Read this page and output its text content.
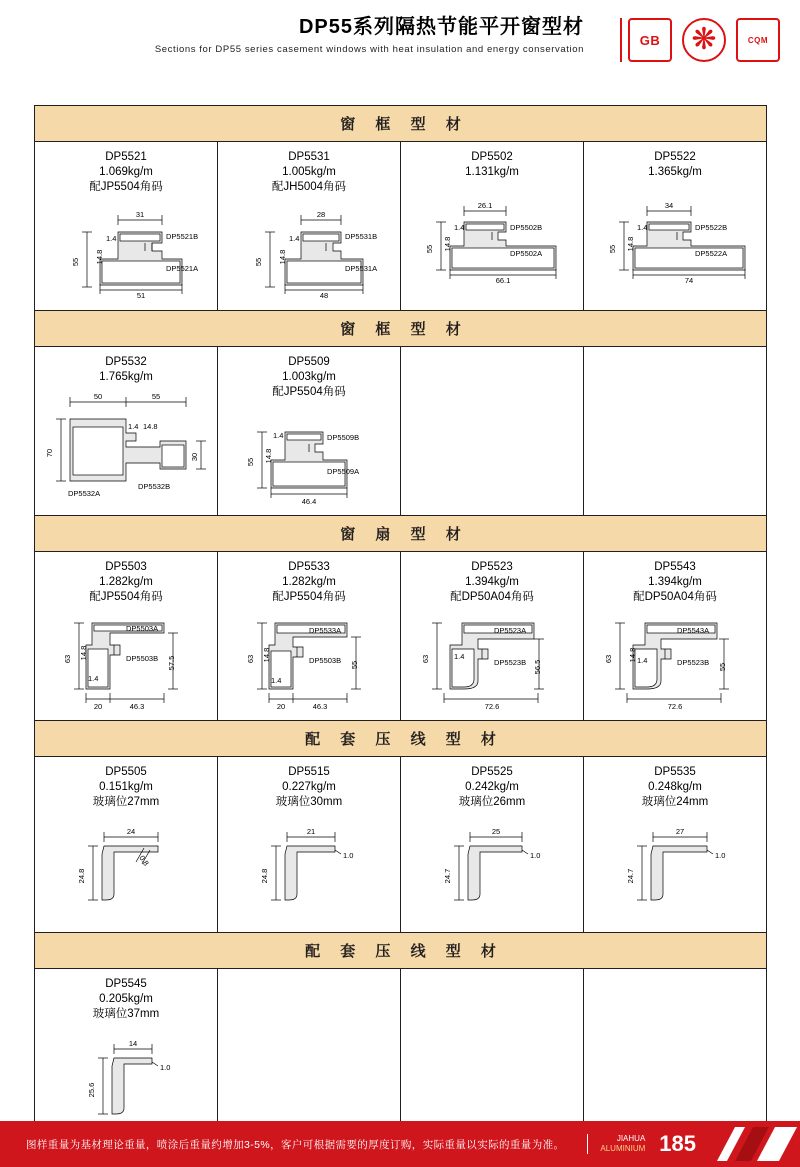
DP55系列隔热节能平开窗型材
Sections for DP55 series casement windows with heat insulation and energy conservation
GB ❋	CQM
窗 框 型 材
DP5521
1.069kg/m
配JP5504角码
31
51
55
1.4
14.8
DP5521B
DP5521A
DP5531
1.005kg/m
配JH5004角码
28
48
55
1.4
14.8
DP5531B
DP5531A
DP5502
1.131kg/m
26.1
66.1
55
1.4
14.8
DP5502B
DP5502A
DP5522
1.365kg/m
34
74
55
1.4
14.8
DP5522B
DP5522A
窗 框 型 材
DP5532
1.765kg/m
50	55
70	30
1.4 14.8
DP5532A
DP5532B
DP5509
1.003kg/m
配JP5504角码
46.4
55
1.4
14.8
DP5509B
DP5509A
窗 扇 型 材
DP5503
1.282kg/m
配JP5504角码
20	46.3
63	57.5
14.8
1.4
DP5503A
DP5503B
DP5533
1.282kg/m
配JP5504角码
20	46.3
63
55
14.8
1.4
DP5533A
DP5503B
DP5523
1.394kg/m
配DP50A04角码
72.6
63
56.5
1.4
DP5523A
DP5523B
DP5543
1.394kg/m
配DP50A04角码
72.6
63
55
14.8 1.4
DP5543A
DP5523B
配 套 压 线 型 材
DP5505
0.151kg/m
玻璃位27mm
24
24.8
0.8
DP5515
0.227kg/m
玻璃位30mm
21
24.8
1.0
DP5525
0.242kg/m
玻璃位26mm
25
24.7
1.0
DP5535
0.248kg/m
玻璃位24mm
27
24.7
1.0
配 套 压 线 型 材
DP5545
0.205kg/m
玻璃位37mm
14
25.6
1.0
图样重量为基材理论重量，喷涂后重量约增加3-5%，客户可根据需要的厚度订购，实际重量以实际的重量为准。	JIAHUA
ALUMINIUM 185
